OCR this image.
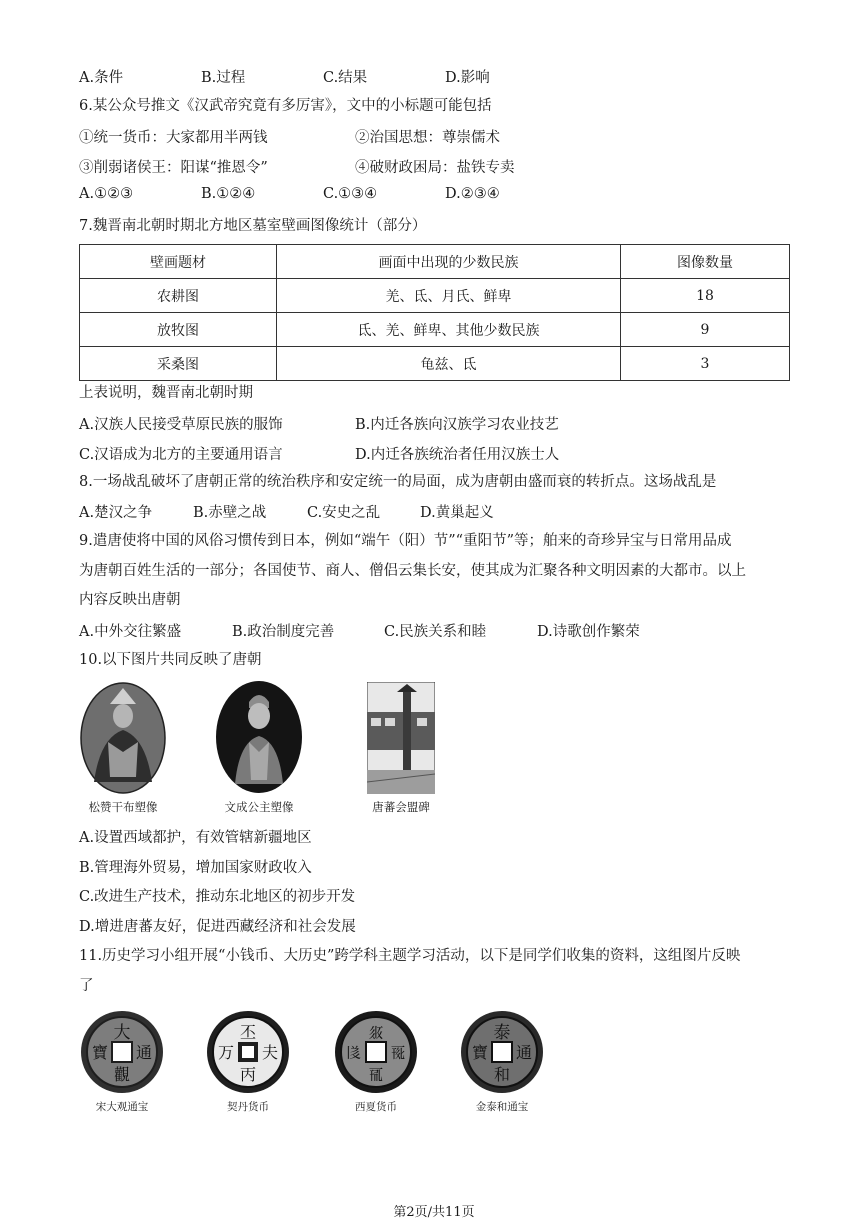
A.条件	B.过程	C.结果	D.影响
6.某公众号推文《汉武帝究竟有多厉害》，文中的小标题可能包括
①统一货币：大家都用半两钱	②治国思想：尊崇儒术
③削弱诸侯王：阳谋“推恩令”	④破财政困局：盐铁专卖
A.①②③	B.①②④	C.①③④	D.②③④
7.魏晋南北朝时期北方地区墓室壁画图像统计（部分）
壁画题材	画面中出现的少数民族	图像数量
农耕图	羌、氐、月氏、鲜卑	18
放牧图	氐、羌、鲜卑、其他少数民族	9
采桑图	龟兹、氐	3
上表说明，魏晋南北朝时期
A.汉族人民接受草原民族的服饰	B.内迁各族向汉族学习农业技艺
C.汉语成为北方的主要通用语言	D.内迁各族统治者任用汉族士人
8.一场战乱破坏了唐朝正常的统治秩序和安定统一的局面，成为唐朝由盛而衰的转折点。这场战乱是
A.楚汉之争	B.赤壁之战	C.安史之乱	D.黄巢起义
9.遣唐使将中国的风俗习惯传到日本，例如“端午（阳）节”“重阳节”等；舶来的奇珍异宝与日常用品成
为唐朝百姓生活的一部分；各国使节、商人、僧侣云集长安，使其成为汇聚各种文明因素的大都市。以上
内容反映出唐朝
A.中外交往繁盛	B.政治制度完善	C.民族关系和睦	D.诗歌创作繁荣
10.以下图片共同反映了唐朝
松赞干布塑像	文成公主塑像	唐蕃会盟碑
A.设置西域都护，有效管辖新疆地区
B.管理海外贸易，增加国家财政收入
C.改进生产技术，推动东北地区的初步开发
D.增进唐蕃友好，促进西藏经济和社会发展
11.历史学习小组开展“小钱币、大历史”跨学科主题学习活动，以下是同学们收集的资料，这组图片反映
了
大
通
觀
寶
宋大观通宝
丕
夫
丙
万
契丹货币
𗼇
𗀔
𗀋
𗁅
西夏货币
泰
通
和
寶
金泰和通宝
第2页/共11页
